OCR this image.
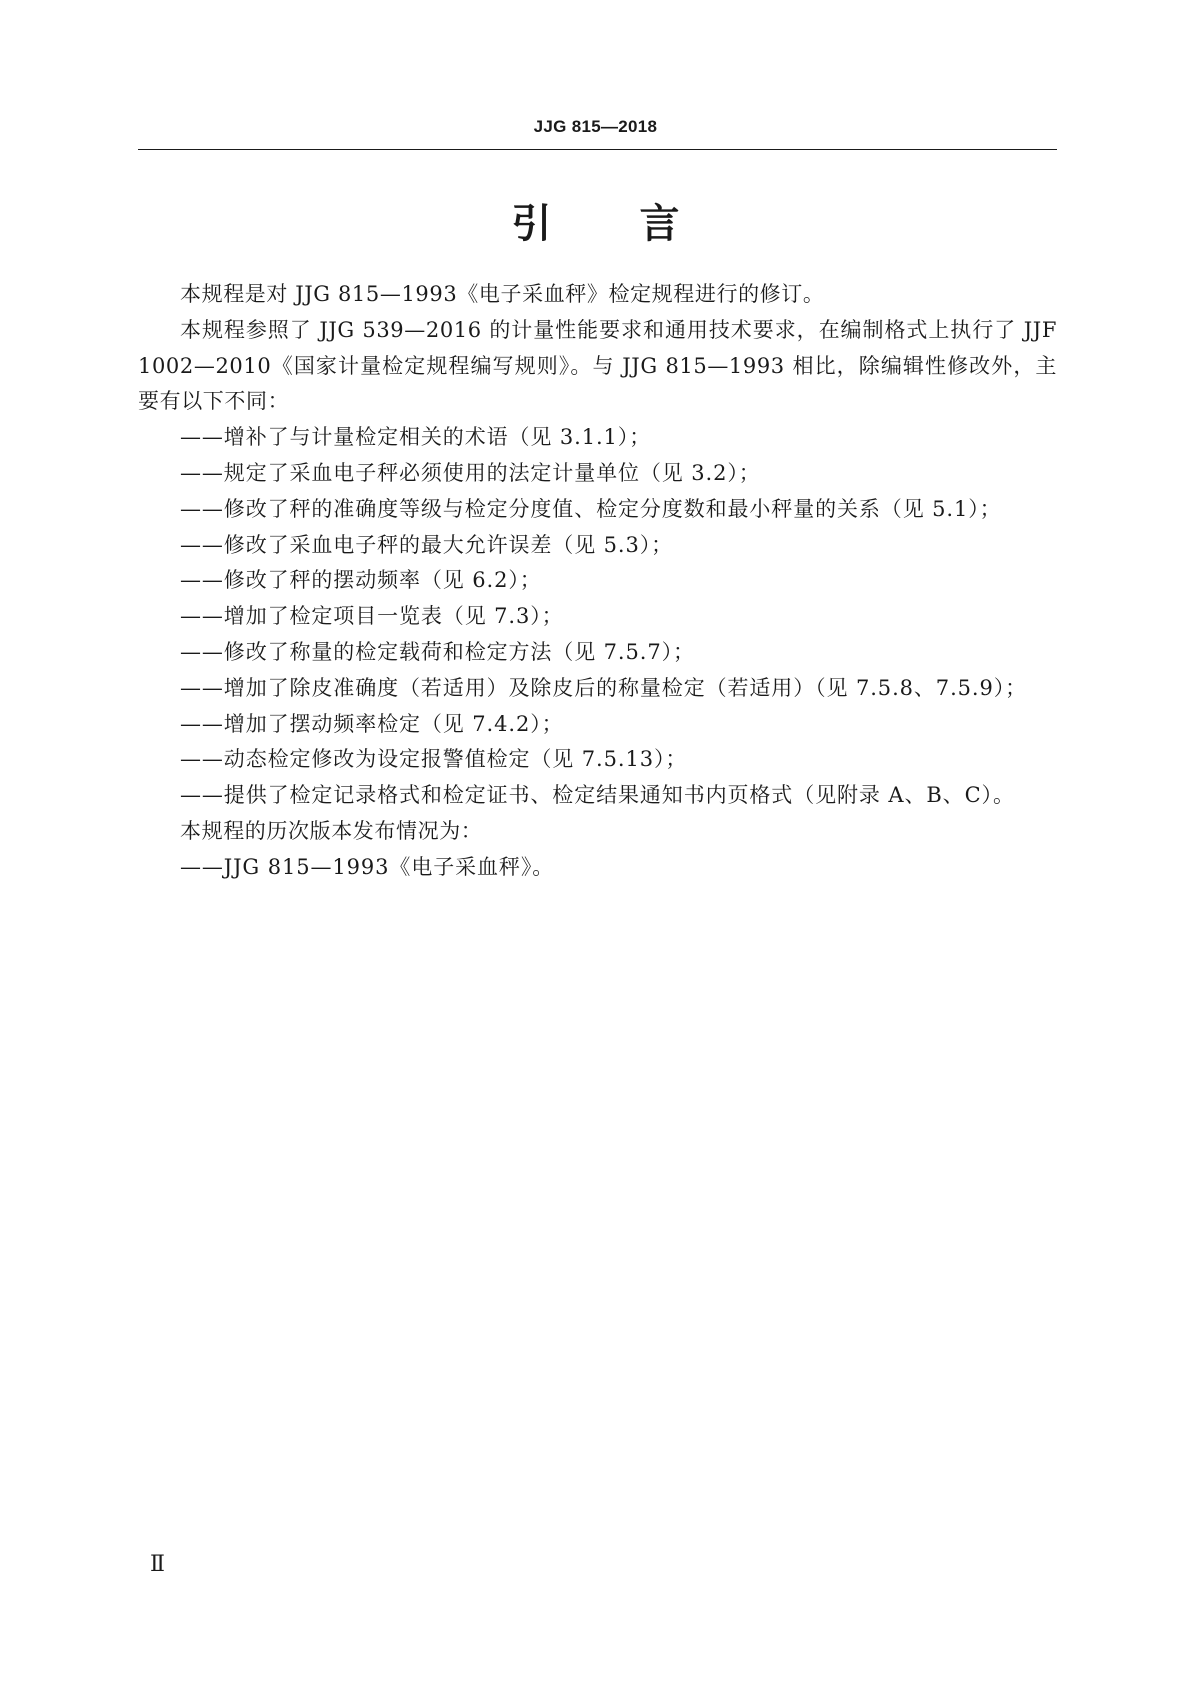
JJG 815—2018
引言

本规程是对 JJG 815—1993《电子采血秤》检定规程进行的修订。

本规程参照了 JJG 539—2016 的计量性能要求和通用技术要求，在编制格式上执行了 JJF 1002—2010《国家计量检定规程编写规则》。与 JJG 815—1993 相比，除编辑性修改外，主要有以下不同：

——增补了与计量检定相关的术语（见 3.1.1）；

——规定了采血电子秤必须使用的法定计量单位（见 3.2）；

——修改了秤的准确度等级与检定分度值、检定分度数和最小秤量的关系（见 5.1）；

——修改了采血电子秤的最大允许误差（见 5.3）；

——修改了秤的摆动频率（见 6.2）；

——增加了检定项目一览表（见 7.3）；

——修改了称量的检定载荷和检定方法（见 7.5.7）；

——增加了除皮准确度（若适用）及除皮后的称量检定（若适用）（见 7.5.8、7.5.9）；

——增加了摆动频率检定（见 7.4.2）；

——动态检定修改为设定报警值检定（见 7.5.13）；

——提供了检定记录格式和检定证书、检定结果通知书内页格式（见附录 A、B、C）。

本规程的历次版本发布情况为：

——JJG 815—1993《电子采血秤》。

Ⅱ
